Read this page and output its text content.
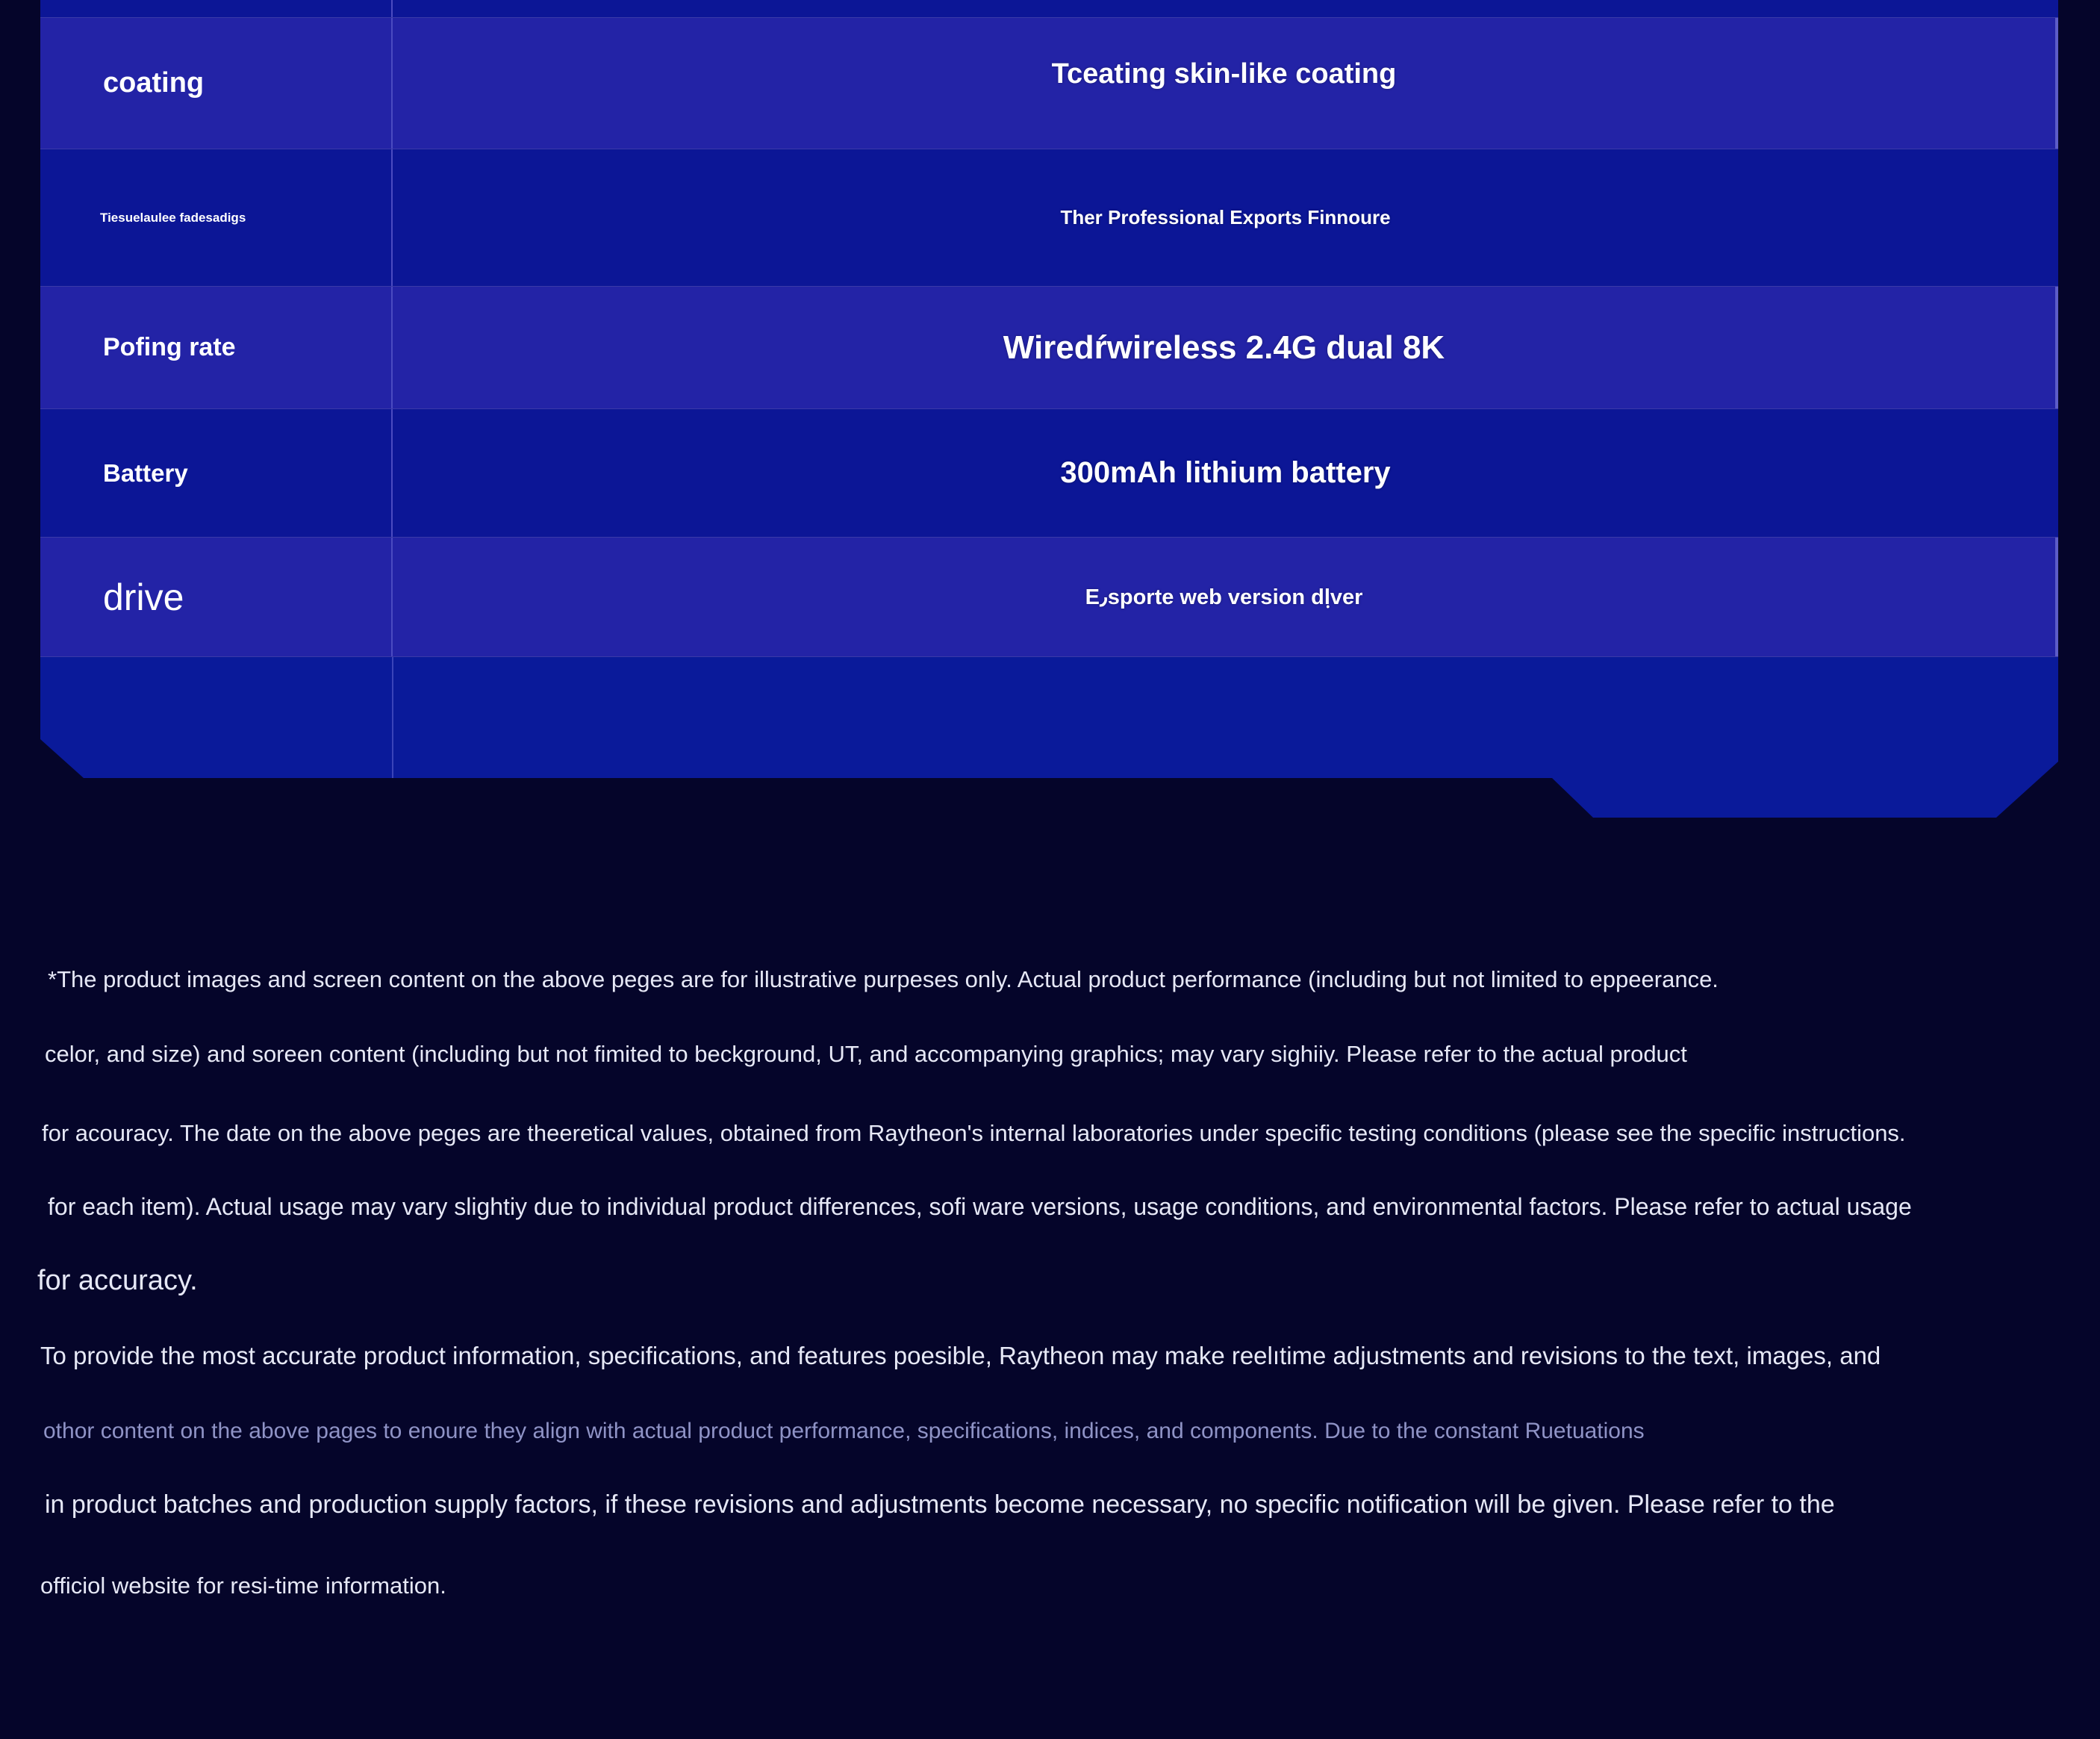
coating	Tceating skin-like coating
Tiesuelaulee fadesadigs	Ther Professional Exports Finnoure
Pofing rate	Wiredŕwireless 2.4G dual 8K
Battery	300mAh lithium battery
drive	E٫sporte web version dٜlver
*The product images and screen content on the above peges are for illustrative purpeses only. Actual product performance (including but not limited to eppeerance.
celor, and size) and soreen content (including but not fimited to beckground, UT, and accompanying graphics; may vary sighiiy. Please refer to the actual product
for acouracy. The date on the above peges are theeretical values, obtained from Raytheon's internal laboratories under specific testing conditions (please see the specific instructions.
for each item). Actual usage may vary slightiy due to individual product differences, sofi ware versions, usage conditions, and environmental factors. Please refer to actual usage
for accuracy.
To provide the most accurate product information, specifications, and features poesible, Raytheon may make reelıtime adjustments and revisions to the text, images, and
othor content on the above pages to enoure they align with actual product performance, specifications, indices, and components. Due to the constant Ruetuations
in product batches and production supply factors, if these revisions and adjustments become necessary, no specific notification will be given. Please refer to the
officiol website for resi-time information.
